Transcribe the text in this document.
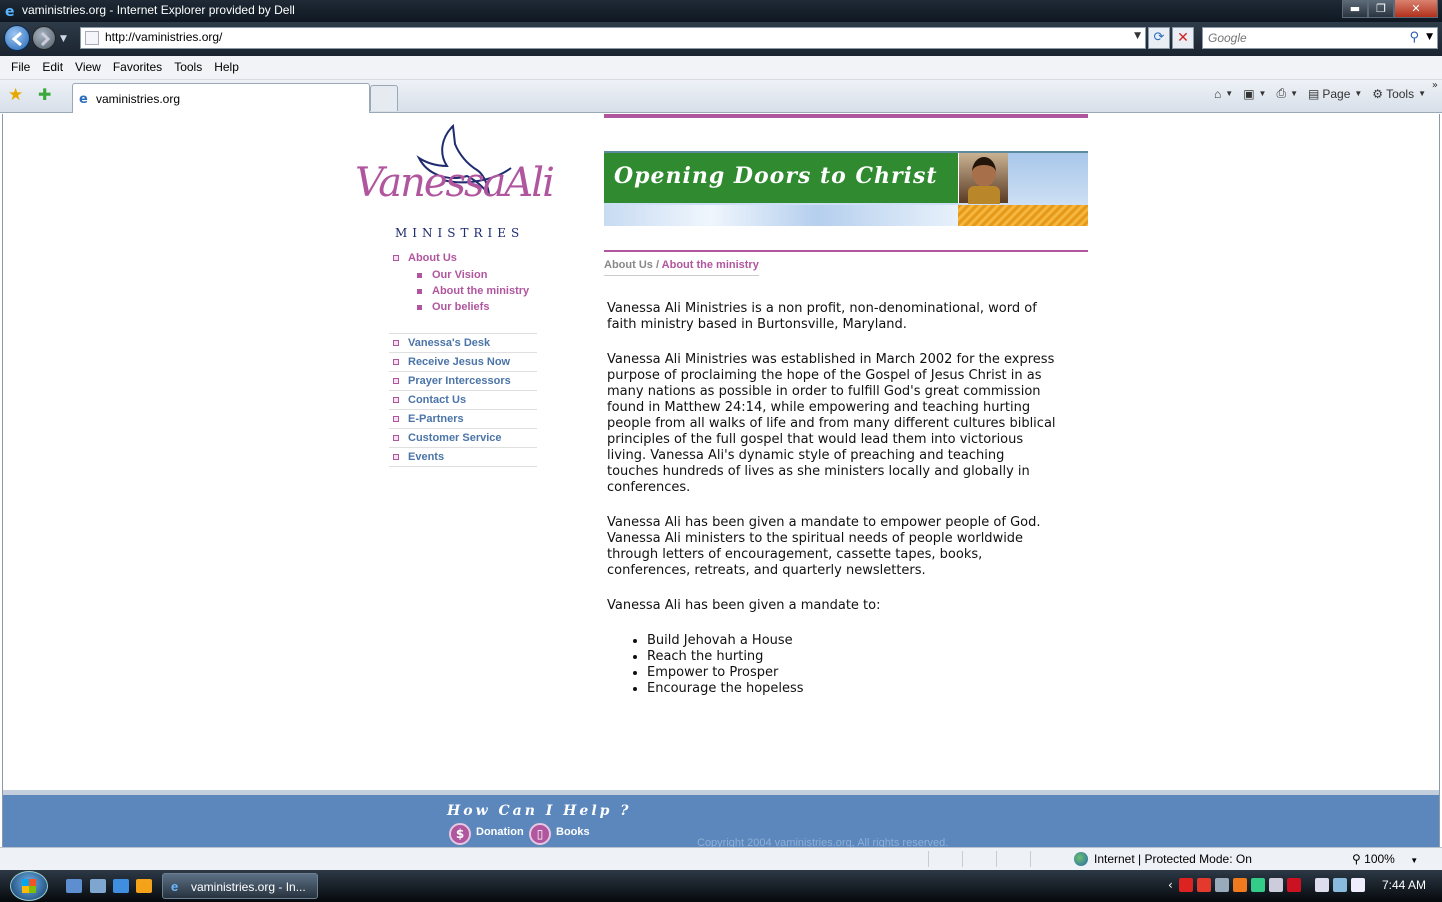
e vaministries.org - Internet Explorer provided by Dell	▬	❐	✕
▼
http://vaministries.org/	▼ ⟳ ✕
Google	⚲ ▼
File Edit View Favorites Tools Help
★ ✚ e vaministries.org	⌂ ▼ ▣ ▼ ⎙ ▼ ▤ Page ▼ ⚙ Tools ▼
»
VanessaAli
MINISTRIES
About Us
Our Vision
About the ministry
Our beliefs
Vanessa's Desk
Receive Jesus Now
Prayer Intercessors
Contact Us
E-Partners
Customer Service
Events
Opening Doors to Christ
About Us / About the ministry

Vanessa Ali Ministries is a non profit, non-denominational, word of faith ministry based in Burtonsville, Maryland.

Vanessa Ali Ministries was established in March 2002 for the express purpose of proclaiming the hope of the Gospel of Jesus Christ in as many nations as possible in order to fulfill God's great commission found in Matthew 24:14, while empowering and teaching hurting people from all walks of life and from many different cultures biblical principles of the full gospel that would lead them into victorious living. Vanessa Ali's dynamic style of preaching and teaching touches hundreds of lives as she ministers locally and globally in conferences.

Vanessa Ali has been given a mandate to empower people of God. Vanessa Ali ministers to the spiritual needs of people worldwide through letters of encouragement, cassette tapes, books, conferences, retreats, and quarterly newsletters.

Vanessa Ali has been given a mandate to:

• Build Jehovah a House
• Reach the hurting
• Empower to Prosper
• Encourage the hopeless
How Can I Help ?
$	Donation	▯	Books
Copyright 2004 vaministries.org, All rights reserved.
Internet | Protected Mode: On	⚲ 100% ▼
e vaministries.org - In...	‹	7:44 AM
